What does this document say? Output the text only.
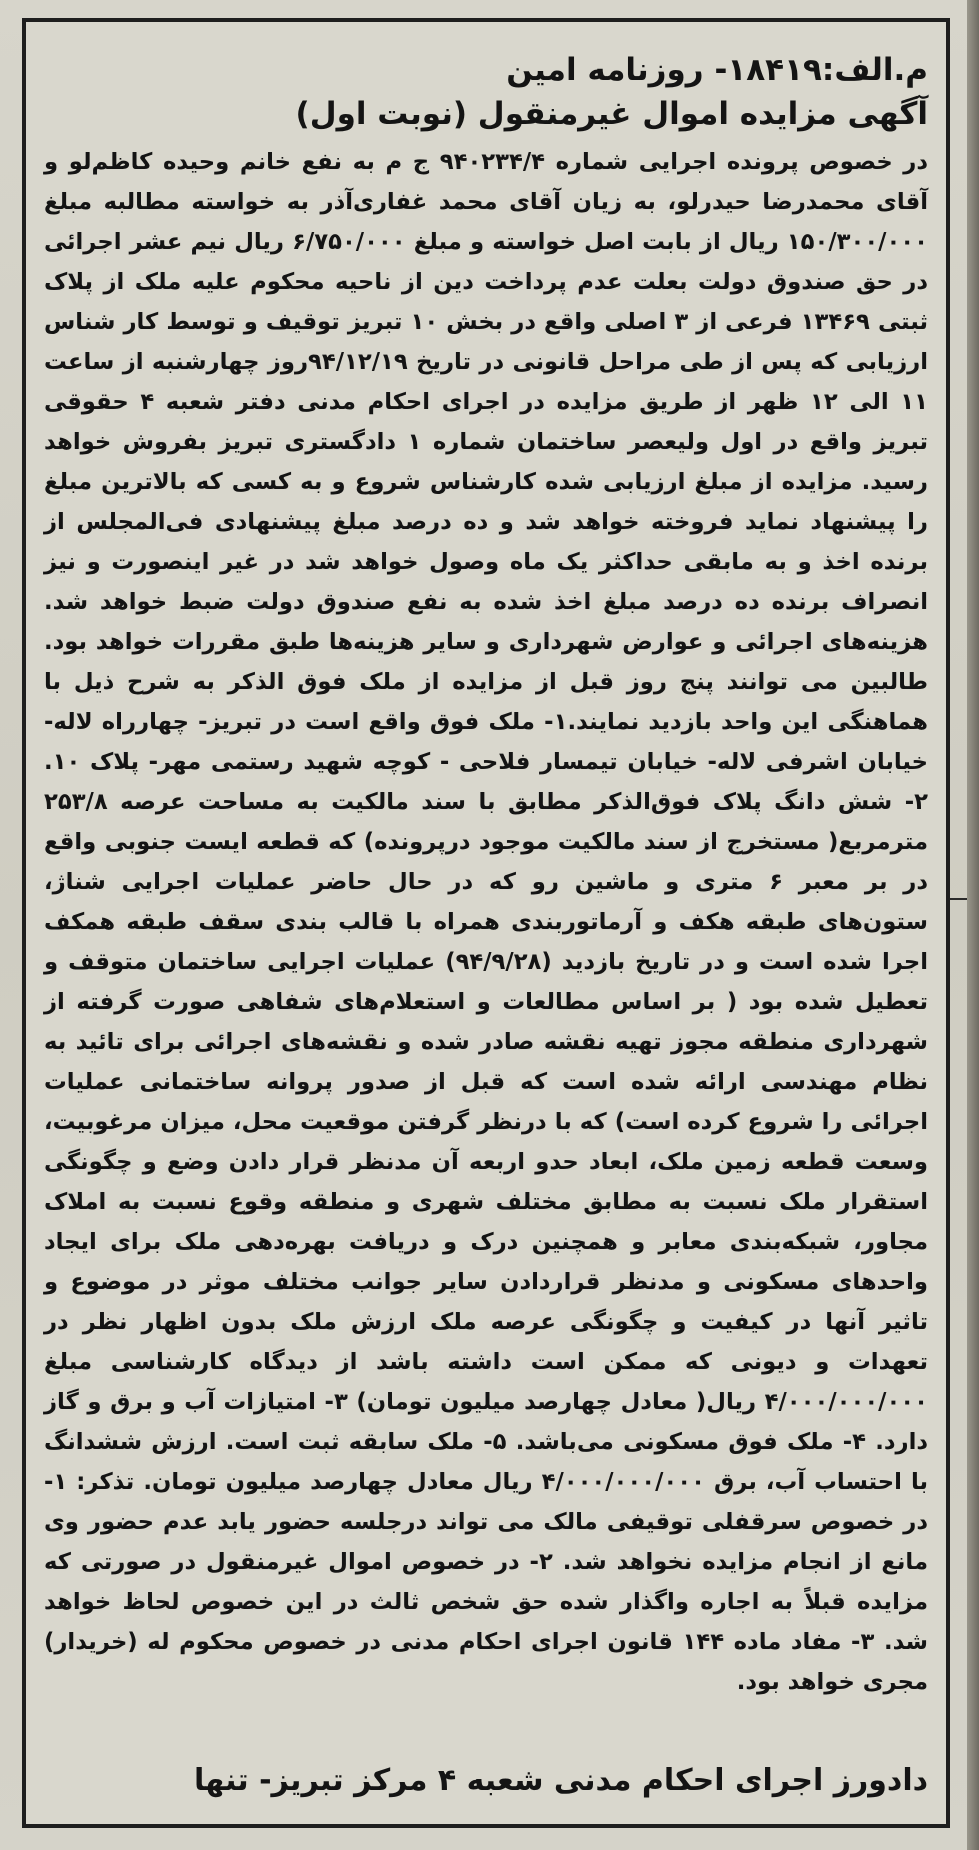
م.الف:۱۸۴۱۹- روزنامه امین
آگهی مزایده اموال غیرمنقول (نوبت اول)
در خصوص پرونده اجرایی شماره ۹۴۰۲۳۴/۴ ج م به نفع خانم وحیده کاظم‌لو و آقای محمدرضا حیدرلو، به زیان آقای محمد غفاری‌آذر به خواسته مطالبه مبلغ ۱۵۰/۳۰۰/۰۰۰ ریال از بابت اصل خواسته و مبلغ ۶/۷۵۰/۰۰۰ ریال نیم عشر اجرائی در حق صندوق دولت بعلت عدم پرداخت دین از ناحیه محکوم علیه ملک از پلاک ثبتی ۱۳۴۶۹ فرعی از ۳ اصلی واقع در بخش ۱۰ تبریز توقیف و توسط کار شناس ارزیابی که پس از طی مراحل قانونی در تاریخ ۹۴/۱۲/۱۹روز چهارشنبه از ساعت ۱۱ الی ۱۲ ظهر از طریق مزایده در اجرای احکام مدنی دفتر شعبه ۴ حقوقی تبریز واقع در اول ولیعصر ساختمان شماره ۱ دادگستری تبریز بفروش خواهد رسید. مزایده از مبلغ ارزیابی شده کارشناس شروع و به کسی که بالاترین مبلغ را پیشنهاد نماید فروخته خواهد شد و ده درصد مبلغ پیشنهادی فی‌المجلس از برنده اخذ و به مابقی حداکثر یک ماه وصول خواهد شد در غیر اینصورت و نیز انصراف برنده ده درصد مبلغ اخذ شده به نفع صندوق دولت ضبط خواهد شد. هزینه‌های اجرائی و عوارض شهرداری و سایر هزینه‌ها طبق مقررات خواهد بود. طالبین می توانند پنج روز قبل از مزایده از ملک فوق الذکر به شرح ذیل با هماهنگی این واحد بازدید نمایند.۱- ملک فوق واقع است در تبریز- چهارراه لاله- خیابان اشرفی لاله- خیابان تیمسار فلاحی - کوچه شهید رستمی مهر- پلاک ۱۰. ۲- شش دانگ پلاک فوق‌الذکر مطابق با سند مالکیت به مساحت عرصه ۲۵۳/۸ مترمربع( مستخرج از سند مالکیت موجود درپرونده) که قطعه ایست جنوبی واقع در بر معبر ۶ متری و ماشین رو که در حال حاضر عملیات اجرایی شناژ، ستون‌های طبقه هکف و آرماتوربندی همراه با قالب بندی سقف طبقه همکف اجرا شده است و در تاریخ بازدید (۹۴/۹/۲۸) عملیات اجرایی ساختمان متوقف و تعطیل شده بود ( بر اساس مطالعات و استعلام‌های شفاهی صورت گرفته از شهرداری منطقه مجوز تهیه نقشه صادر شده و نقشه‌های اجرائی برای تائید به نظام مهندسی ارائه شده است که قبل از صدور پروانه ساختمانی عملیات اجرائی را شروع کرده است) که با درنظر گرفتن موقعیت محل، میزان مرغوبیت، وسعت قطعه زمین ملک، ابعاد حدو اربعه آن مدنظر قرار دادن وضع و چگونگی استقرار ملک نسبت به مطابق مختلف شهری و منطقه وقوع نسبت به املاک مجاور، شبکه‌بندی معابر و همچنین درک و دریافت بهره‌دهی ملک برای ایجاد واحدهای مسکونی و مدنظر قراردادن سایر جوانب مختلف موثر در موضوع و تاثیر آنها در کیفیت و چگونگی عرصه ملک ارزش ملک بدون اظهار نظر در تعهدات و دیونی که ممکن است داشته باشد از دیدگاه کارشناسی مبلغ ۴/۰۰۰/۰۰۰/۰۰۰ ریال( معادل چهارصد میلیون تومان) ۳- امتیازات آب و برق و گاز دارد. ۴- ملک فوق مسکونی می‌باشد. ۵- ملک سابقه ثبت است. ارزش ششدانگ با احتساب آب، برق ۴/۰۰۰/۰۰۰/۰۰۰ ریال معادل چهارصد میلیون تومان. تذکر: ۱- در خصوص سرقفلی توقیفی مالک می تواند درجلسه حضور یابد عدم حضور وی مانع از انجام مزایده نخواهد شد. ۲- در خصوص اموال غیرمنقول در صورتی که مزایده قبلاً به اجاره واگذار شده حق شخص ثالث در این خصوص لحاظ خواهد شد. ۳- مفاد ماده ۱۴۴ قانون اجرای احکام مدنی در خصوص محکوم له (خریدار) مجری خواهد بود.
دادورز اجرای احکام مدنی شعبه ۴ مرکز تبریز- تنها
